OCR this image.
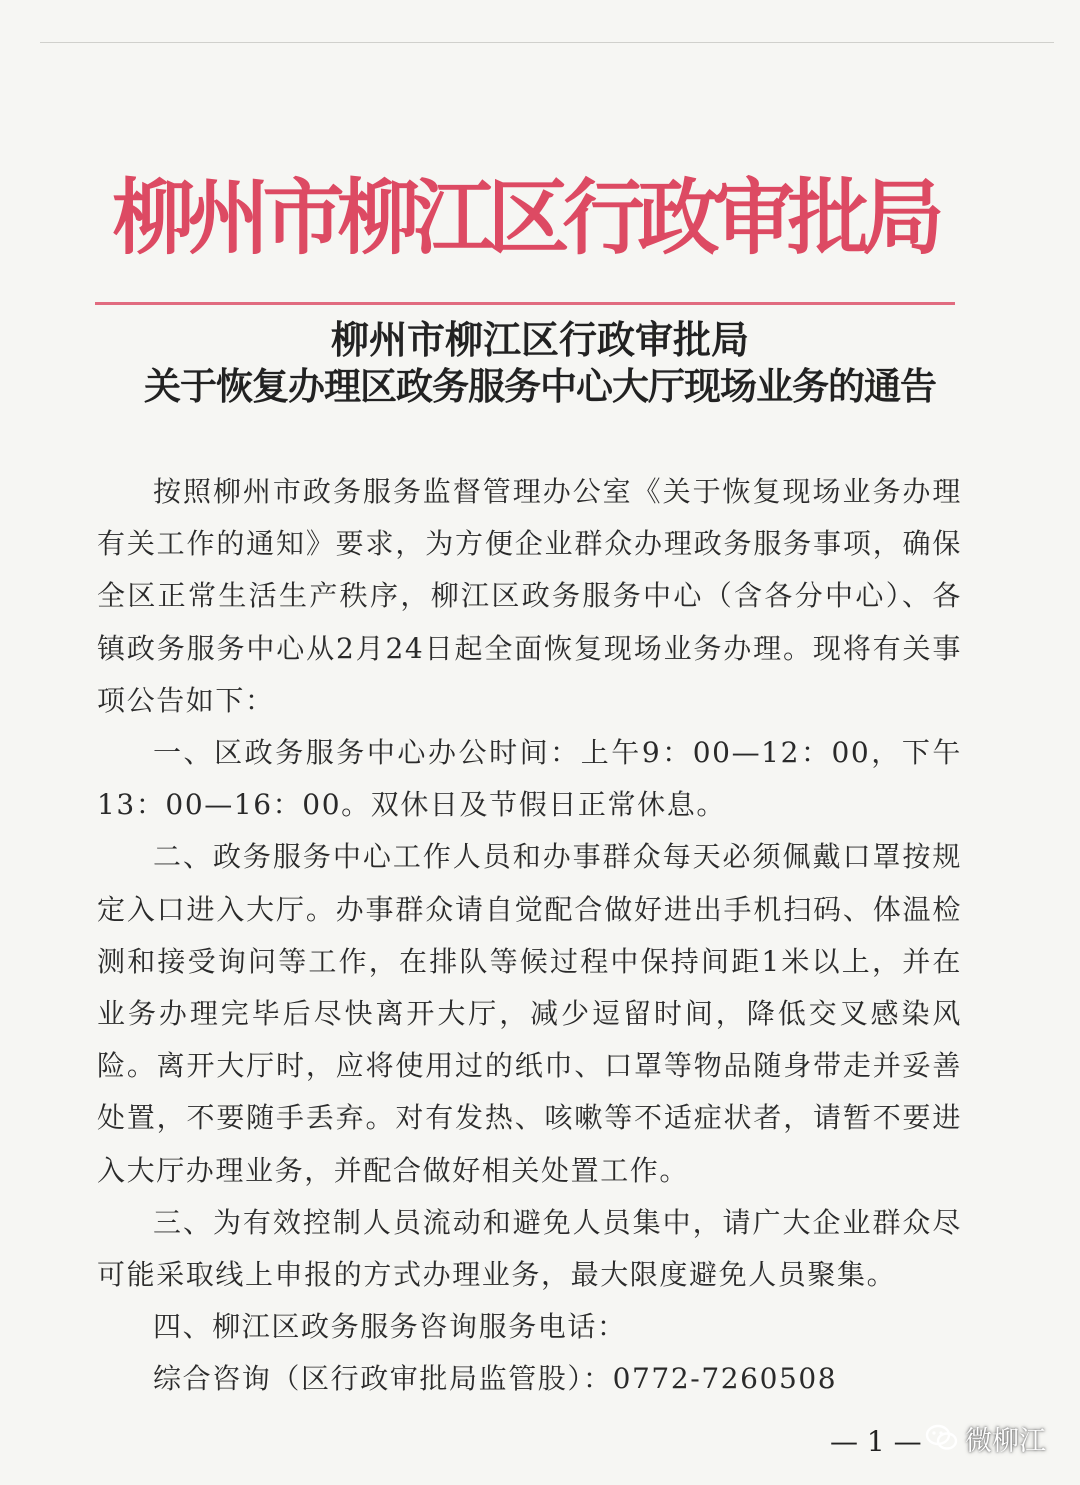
柳州市柳江区行政审批局
柳州市柳江区行政审批局
关于恢复办理区政务服务中心大厅现场业务的通告

按照柳州市政务服务监督管理办公室《关于恢复现场业务办理有关工作的通知》要求，为方便企业群众办理政务服务事项，确保全区正常生活生产秩序，柳江区政务服务中心（含各分中心）、各镇政务服务中心从2月24日起全面恢复现场业务办理。现将有关事项公告如下：

一、区政务服务中心办公时间：上午9：00—12：00，下午13：00—16：00。双休日及节假日正常休息。

二、政务服务中心工作人员和办事群众每天必须佩戴口罩按规定入口进入大厅。办事群众请自觉配合做好进出手机扫码、体温检测和接受询问等工作，在排队等候过程中保持间距1米以上，并在业务办理完毕后尽快离开大厅，减少逗留时间，降低交叉感染风险。离开大厅时，应将使用过的纸巾、口罩等物品随身带走并妥善处置，不要随手丢弃。对有发热、咳嗽等不适症状者，请暂不要进入大厅办理业务，并配合做好相关处置工作。

三、为有效控制人员流动和避免人员集中，请广大企业群众尽可能采取线上申报的方式办理业务，最大限度避免人员聚集。

四、柳江区政务服务咨询服务电话：

综合咨询（区行政审批局监管股）：0772-7260508

— 1 — 微柳江
